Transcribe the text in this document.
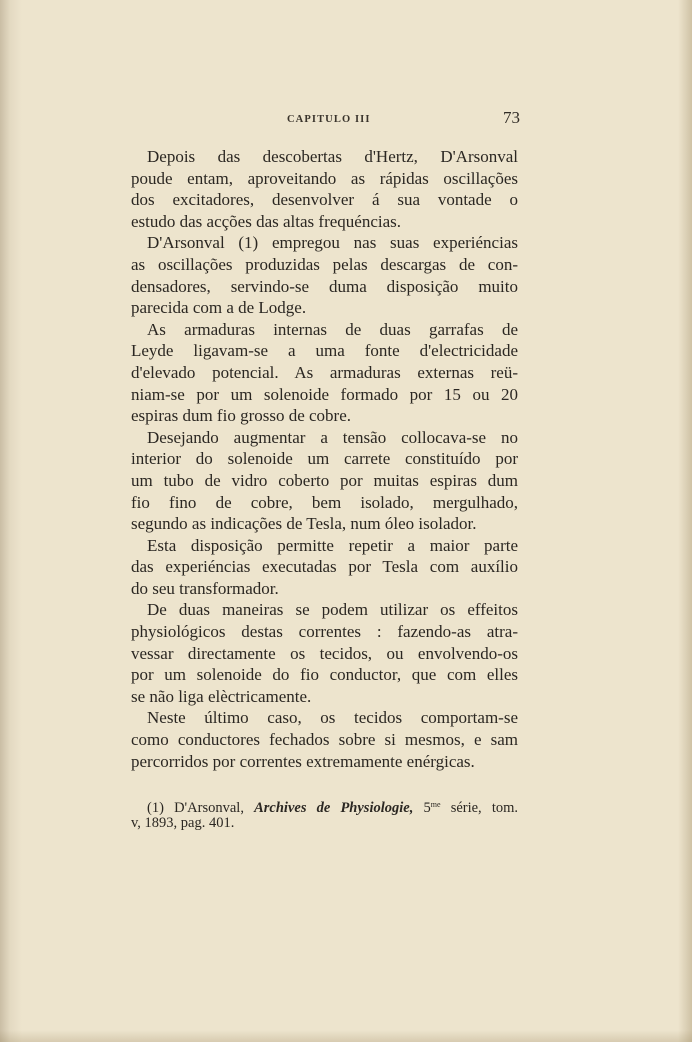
CAPITULO III	73
Depois das descobertas d'Hertz, D'Arsonval
poude entam, aproveitando as rápidas oscillações
dos excitadores, desenvolver á sua vontade o
estudo das acções das altas frequéncias.
D'Arsonval (1) empregou nas suas experiéncias
as oscillações produzidas pelas descargas de con-
densadores, servindo-se duma disposição muito
parecida com a de Lodge.
As armaduras internas de duas garrafas de
Leyde ligavam-se a uma fonte d'electricidade
d'elevado potencial. As armaduras externas reü-
niam-se por um solenoide formado por 15 ou 20
espiras dum fio grosso de cobre.
Desejando augmentar a tensão collocava-se no
interior do solenoide um carrete constituído por
um tubo de vidro coberto por muitas espiras dum
fio fino de cobre, bem isolado, mergulhado,
segundo as indicações de Tesla, num óleo isolador.
Esta disposição permitte repetir a maior parte
das experiéncias executadas por Tesla com auxílio
do seu transformador.
De duas maneiras se podem utilizar os effeitos
physiológicos destas correntes : fazendo-as atra-
vessar directamente os tecidos, ou envolvendo-os
por um solenoide do fio conductor, que com elles
se não liga elèctricamente.
Neste último caso, os tecidos comportam-se
como conductores fechados sobre si mesmos, e sam
percorridos por correntes extremamente enérgicas.
(1) D'Arsonval, Archives de Physiologie, 5$^{me}$ série, tom.
v, 1893, pag. 401.
